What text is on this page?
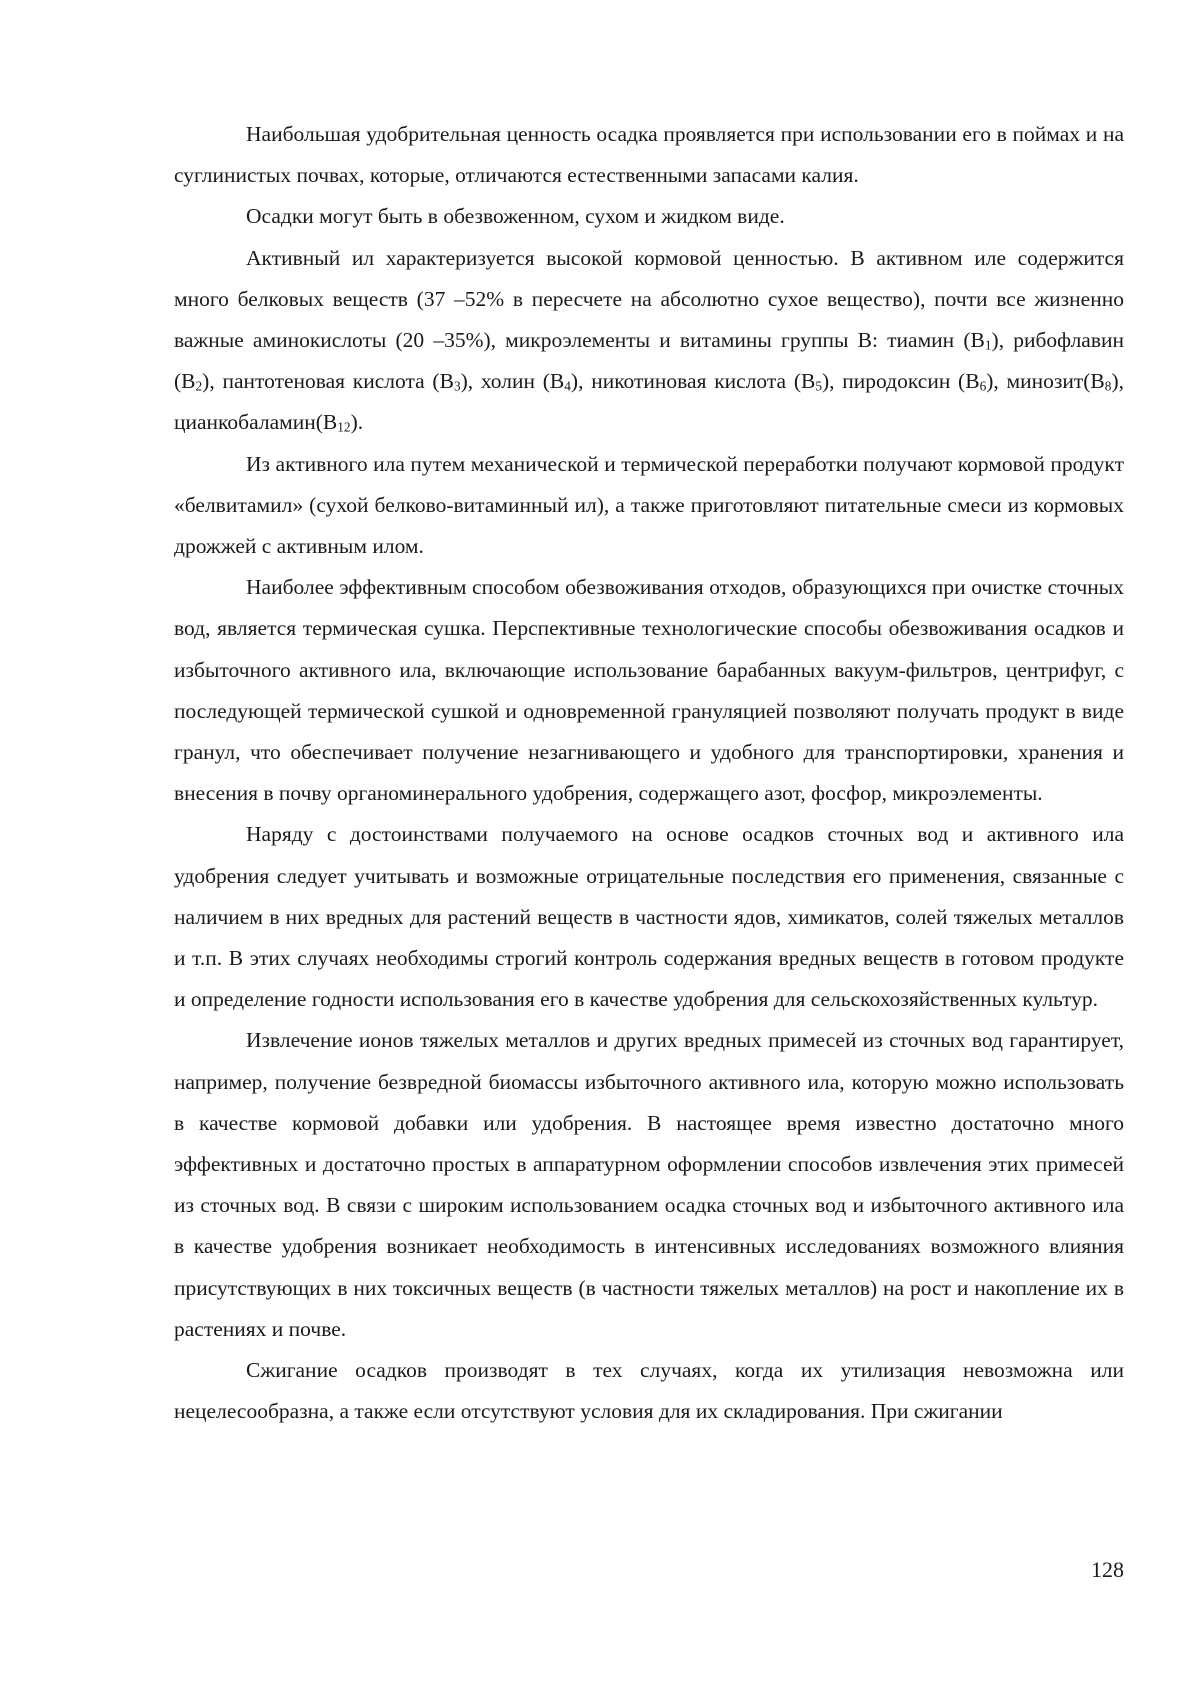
Наибольшая удобрительная ценность осадка проявляется при использовании его в поймах и на суглинистых почвах, которые, отличаются естественными запасами калия.

Осадки могут быть в обезвоженном, сухом и жидком виде.

Активный ил характеризуется высокой кормовой ценностью. В активном иле содержится много белковых веществ (37 –52% в пересчете на абсолютно сухое вещество), почти все жизненно важные аминокислоты (20 –35%), микроэлементы и витамины группы В: тиамин $(В_1)$, рибофлавин $(В_2)$, пантотеновая кислота $(В_3)$, холин $(В_4)$, никотиновая кислота $(В_5)$, пиродоксин $(В_6)$, $минозит(В_8)$, $цианкобаламин(В_{12})$.

Из активного ила путем механической и термической переработки получают кормовой продукт «белвитамил» (сухой белково-витаминный ил), а также приготовляют питательные смеси из кормовых дрожжей с активным илом.

Наиболее эффективным способом обезвоживания отходов, образующихся при очистке сточных вод, является термическая сушка. Перспективные технологические способы обезвоживания осадков и избыточного активного ила, включающие использование барабанных вакуум-фильтров, центрифуг, с последующей термической сушкой и одновременной грануляцией позволяют получать продукт в виде гранул, что обеспечивает получение незагнивающего и удобного для транспортировки, хранения и внесения в почву органоминерального удобрения, содержащего азот, фосфор, микроэлементы.

Наряду с достоинствами получаемого на основе осадков сточных вод и активного ила удобрения следует учитывать и возможные отрицательные последствия его применения, связанные с наличием в них вредных для растений веществ в частности ядов, химикатов, солей тяжелых металлов и т.п. В этих случаях необходимы строгий контроль содержания вредных веществ в готовом продукте и определение годности использования его в качестве удобрения для сельскохозяйственных культур.

Извлечение ионов тяжелых металлов и других вредных примесей из сточных вод гарантирует, например, получение безвредной биомассы избыточного активного ила, которую можно использовать в качестве кормовой добавки или удобрения. В настоящее время известно достаточно много эффективных и достаточно простых в аппаратурном оформлении способов извлечения этих примесей из сточных вод. В связи с широким использованием осадка сточных вод и избыточного активного ила в качестве удобрения возникает необходимость в интенсивных исследованиях возможного влияния присутствующих в них токсичных веществ (в частности тяжелых металлов) на рост и накопление их в растениях и почве.

Сжигание осадков производят в тех случаях, когда их утилизация невозможна или нецелесообразна, а также если отсутствуют условия для их складирования. При сжигании

128
